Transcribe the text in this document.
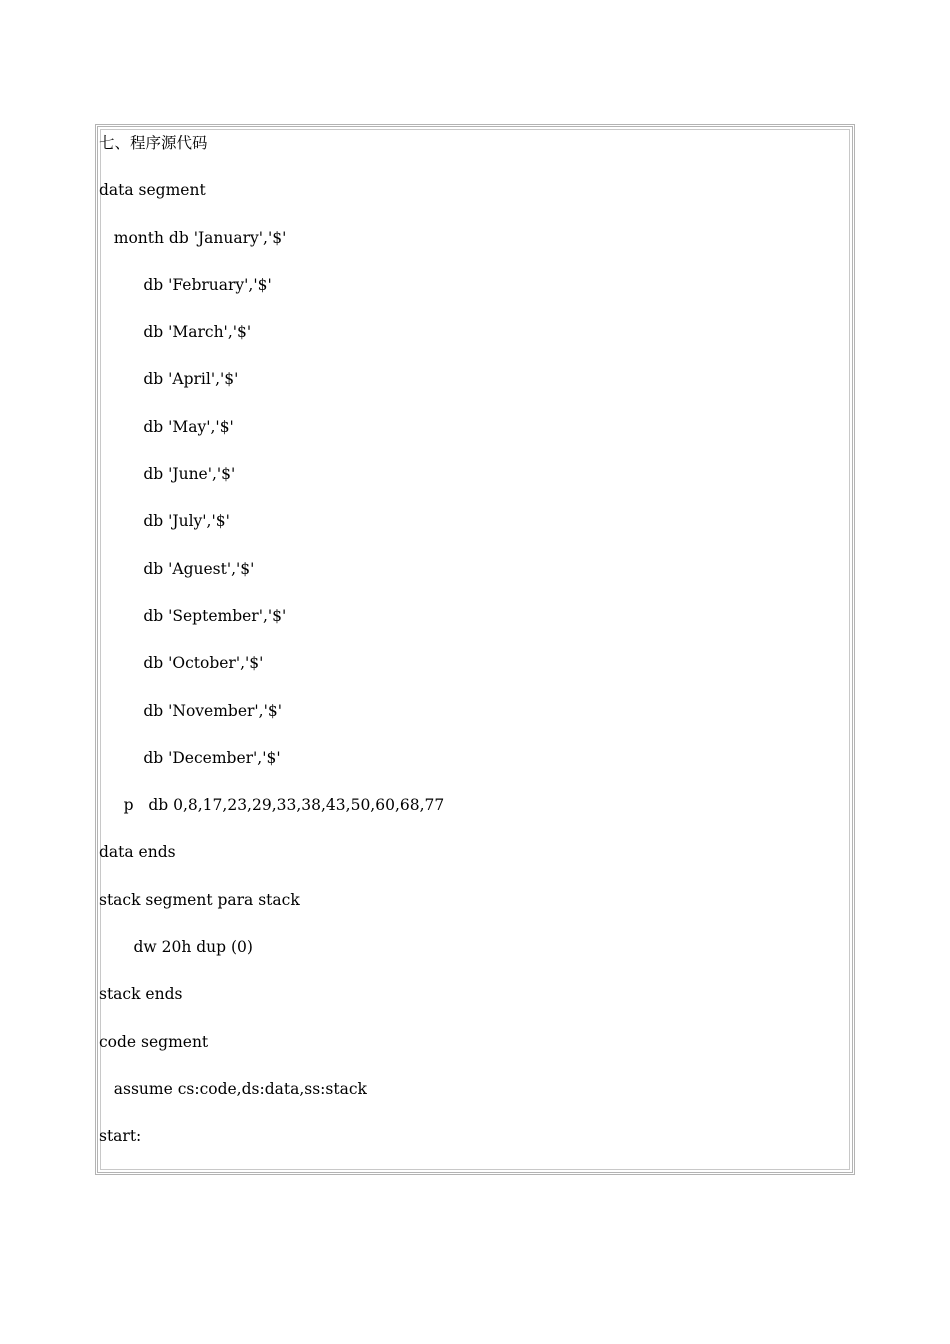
七、程序源代码
data segment
month db 'January','$'
db 'February','$'
db 'March','$'
db 'April','$'
db 'May','$'
db 'June','$'
db 'July','$'
db 'Aguest','$'
db 'September','$'
db 'October','$'
db 'November','$'
db 'December','$'
p   db 0,8,17,23,29,33,38,43,50,60,68,77
data ends
stack segment para stack
dw 20h dup (0)
stack ends
code segment
assume cs:code,ds:data,ss:stack
start:
